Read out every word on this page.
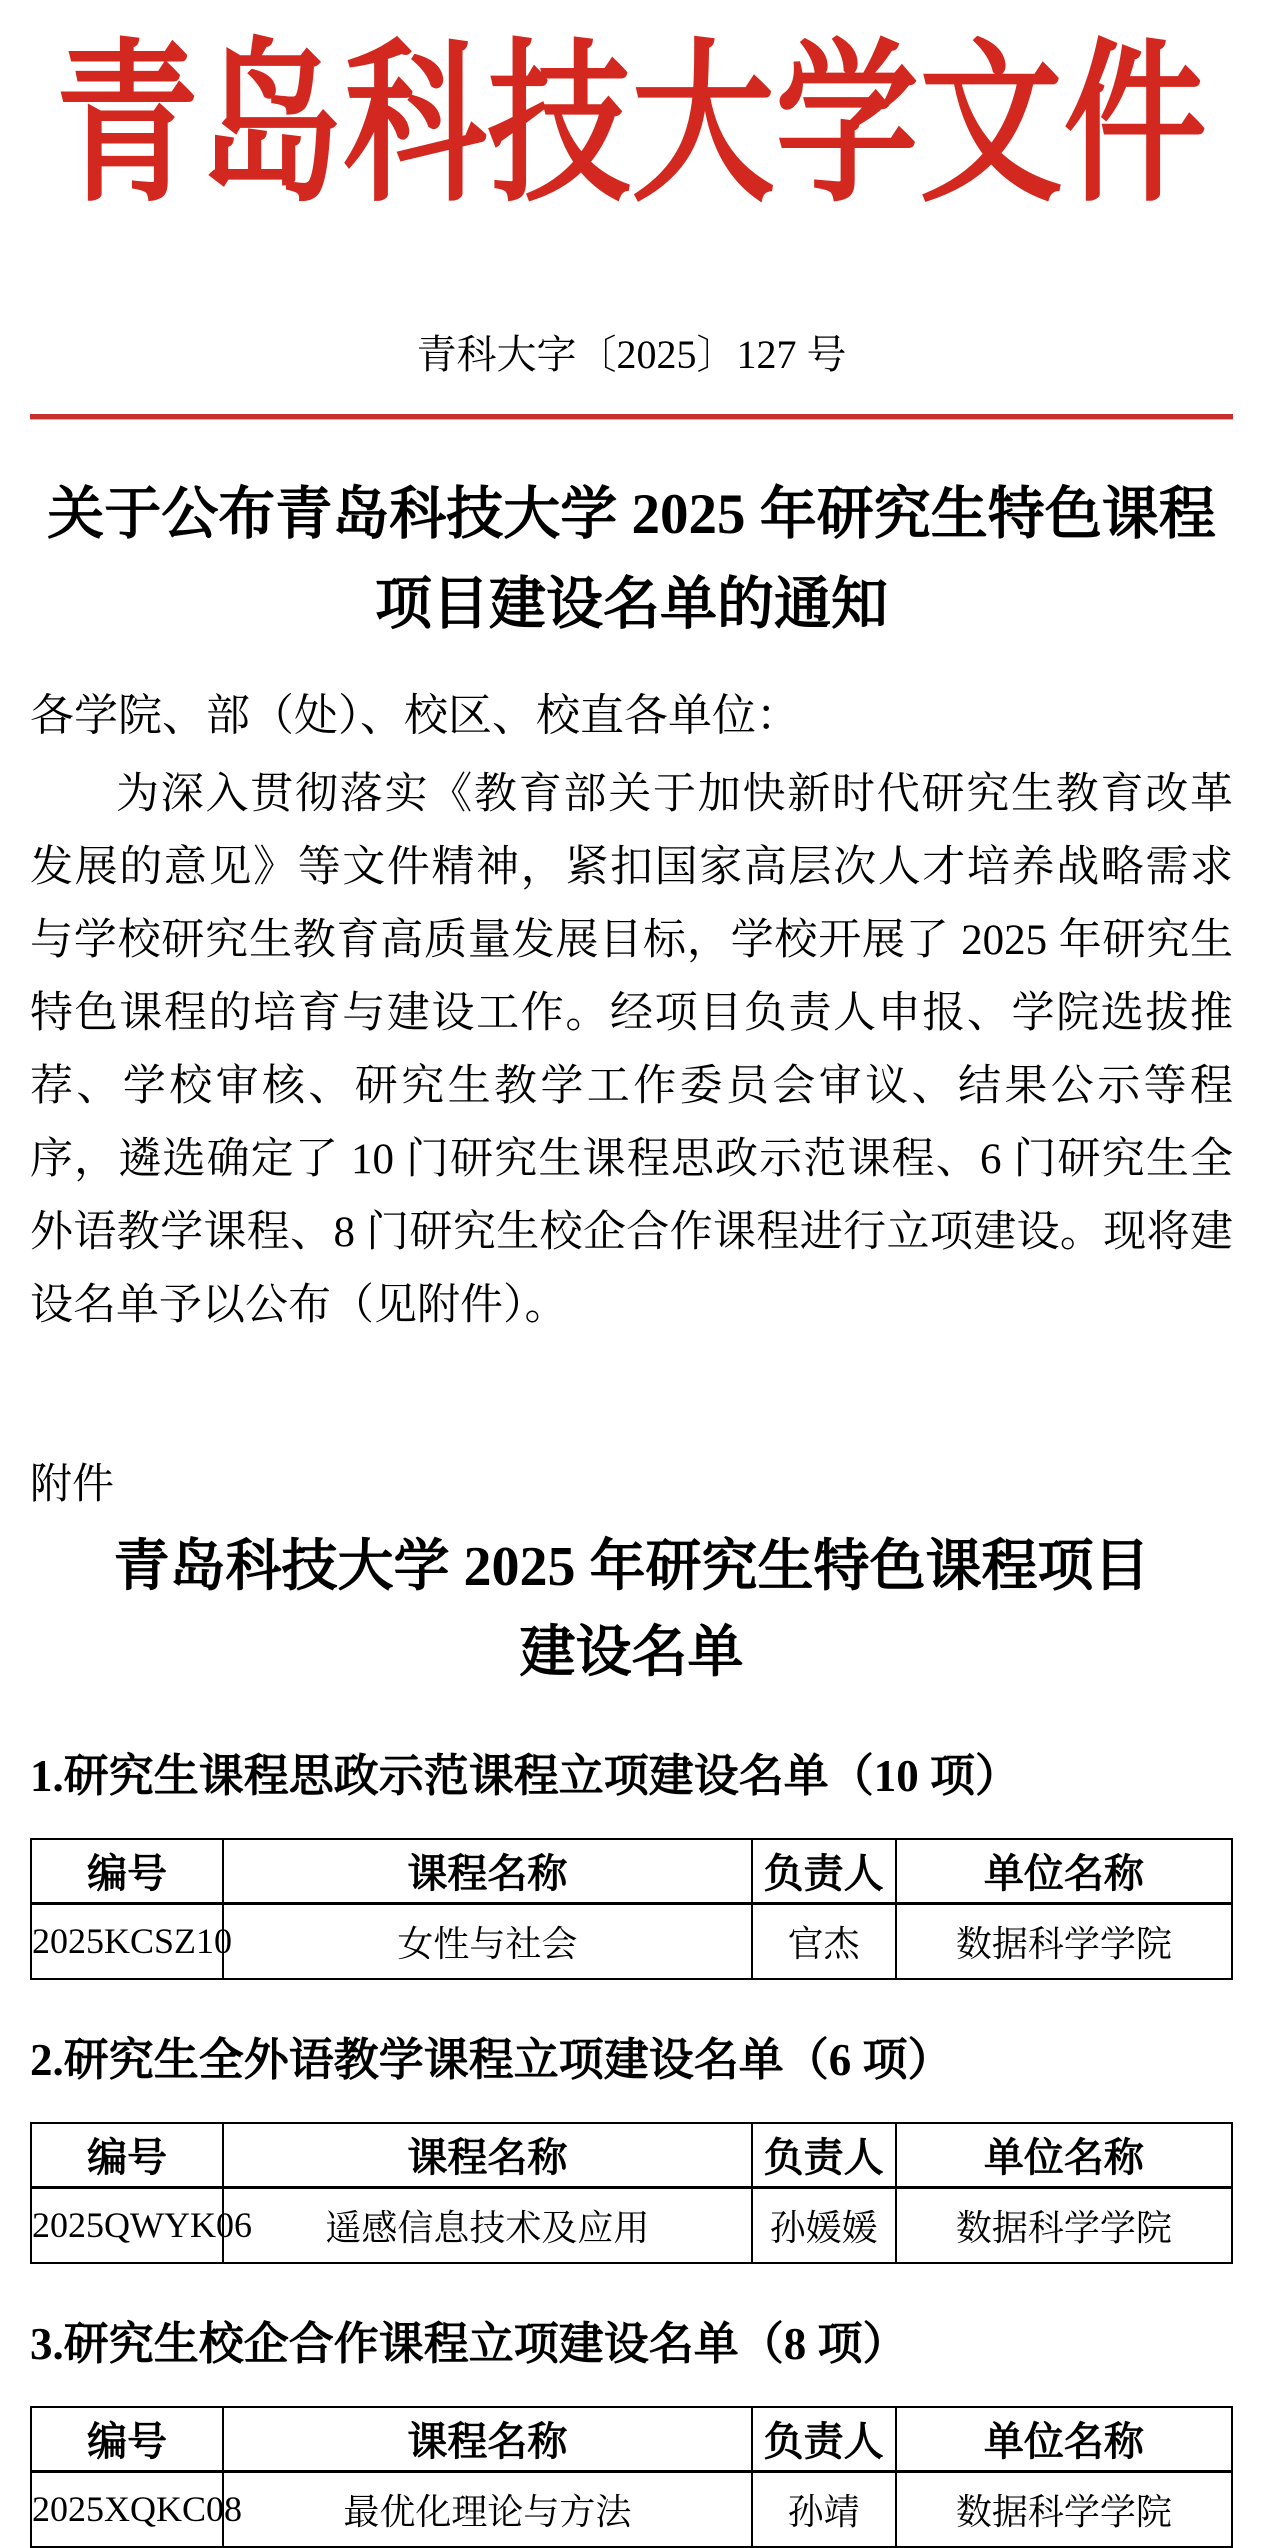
青岛科技大学文件
青科大字〔2025〕127 号
关于公布青岛科技大学 2025 年研究生特色课程
项目建设名单的通知
各学院、部（处）、校区、校直各单位：
为深入贯彻落实《教育部关于加快新时代研究生教育改革发展的意见》等文件精神，紧扣国家高层次人才培养战略需求与学校研究生教育高质量发展目标，学校开展了 2025 年研究生特色课程的培育与建设工作。经项目负责人申报、学院选拔推荐、学校审核、研究生教学工作委员会审议、结果公示等程序，遴选确定了 10 门研究生课程思政示范课程、6 门研究生全外语教学课程、8 门研究生校企合作课程进行立项建设。现将建设名单予以公布（见附件）。
附件
青岛科技大学 2025 年研究生特色课程项目
建设名单
1.研究生课程思政示范课程立项建设名单（10 项）
编号	课程名称	负责人	单位名称
2025KCSZ10	女性与社会	官杰	数据科学学院
2.研究生全外语教学课程立项建设名单（6 项）
编号	课程名称	负责人	单位名称
2025QWYK06	遥感信息技术及应用	孙媛媛	数据科学学院
3.研究生校企合作课程立项建设名单（8 项）
编号	课程名称	负责人	单位名称
2025XQKC08	最优化理论与方法	孙靖	数据科学学院
